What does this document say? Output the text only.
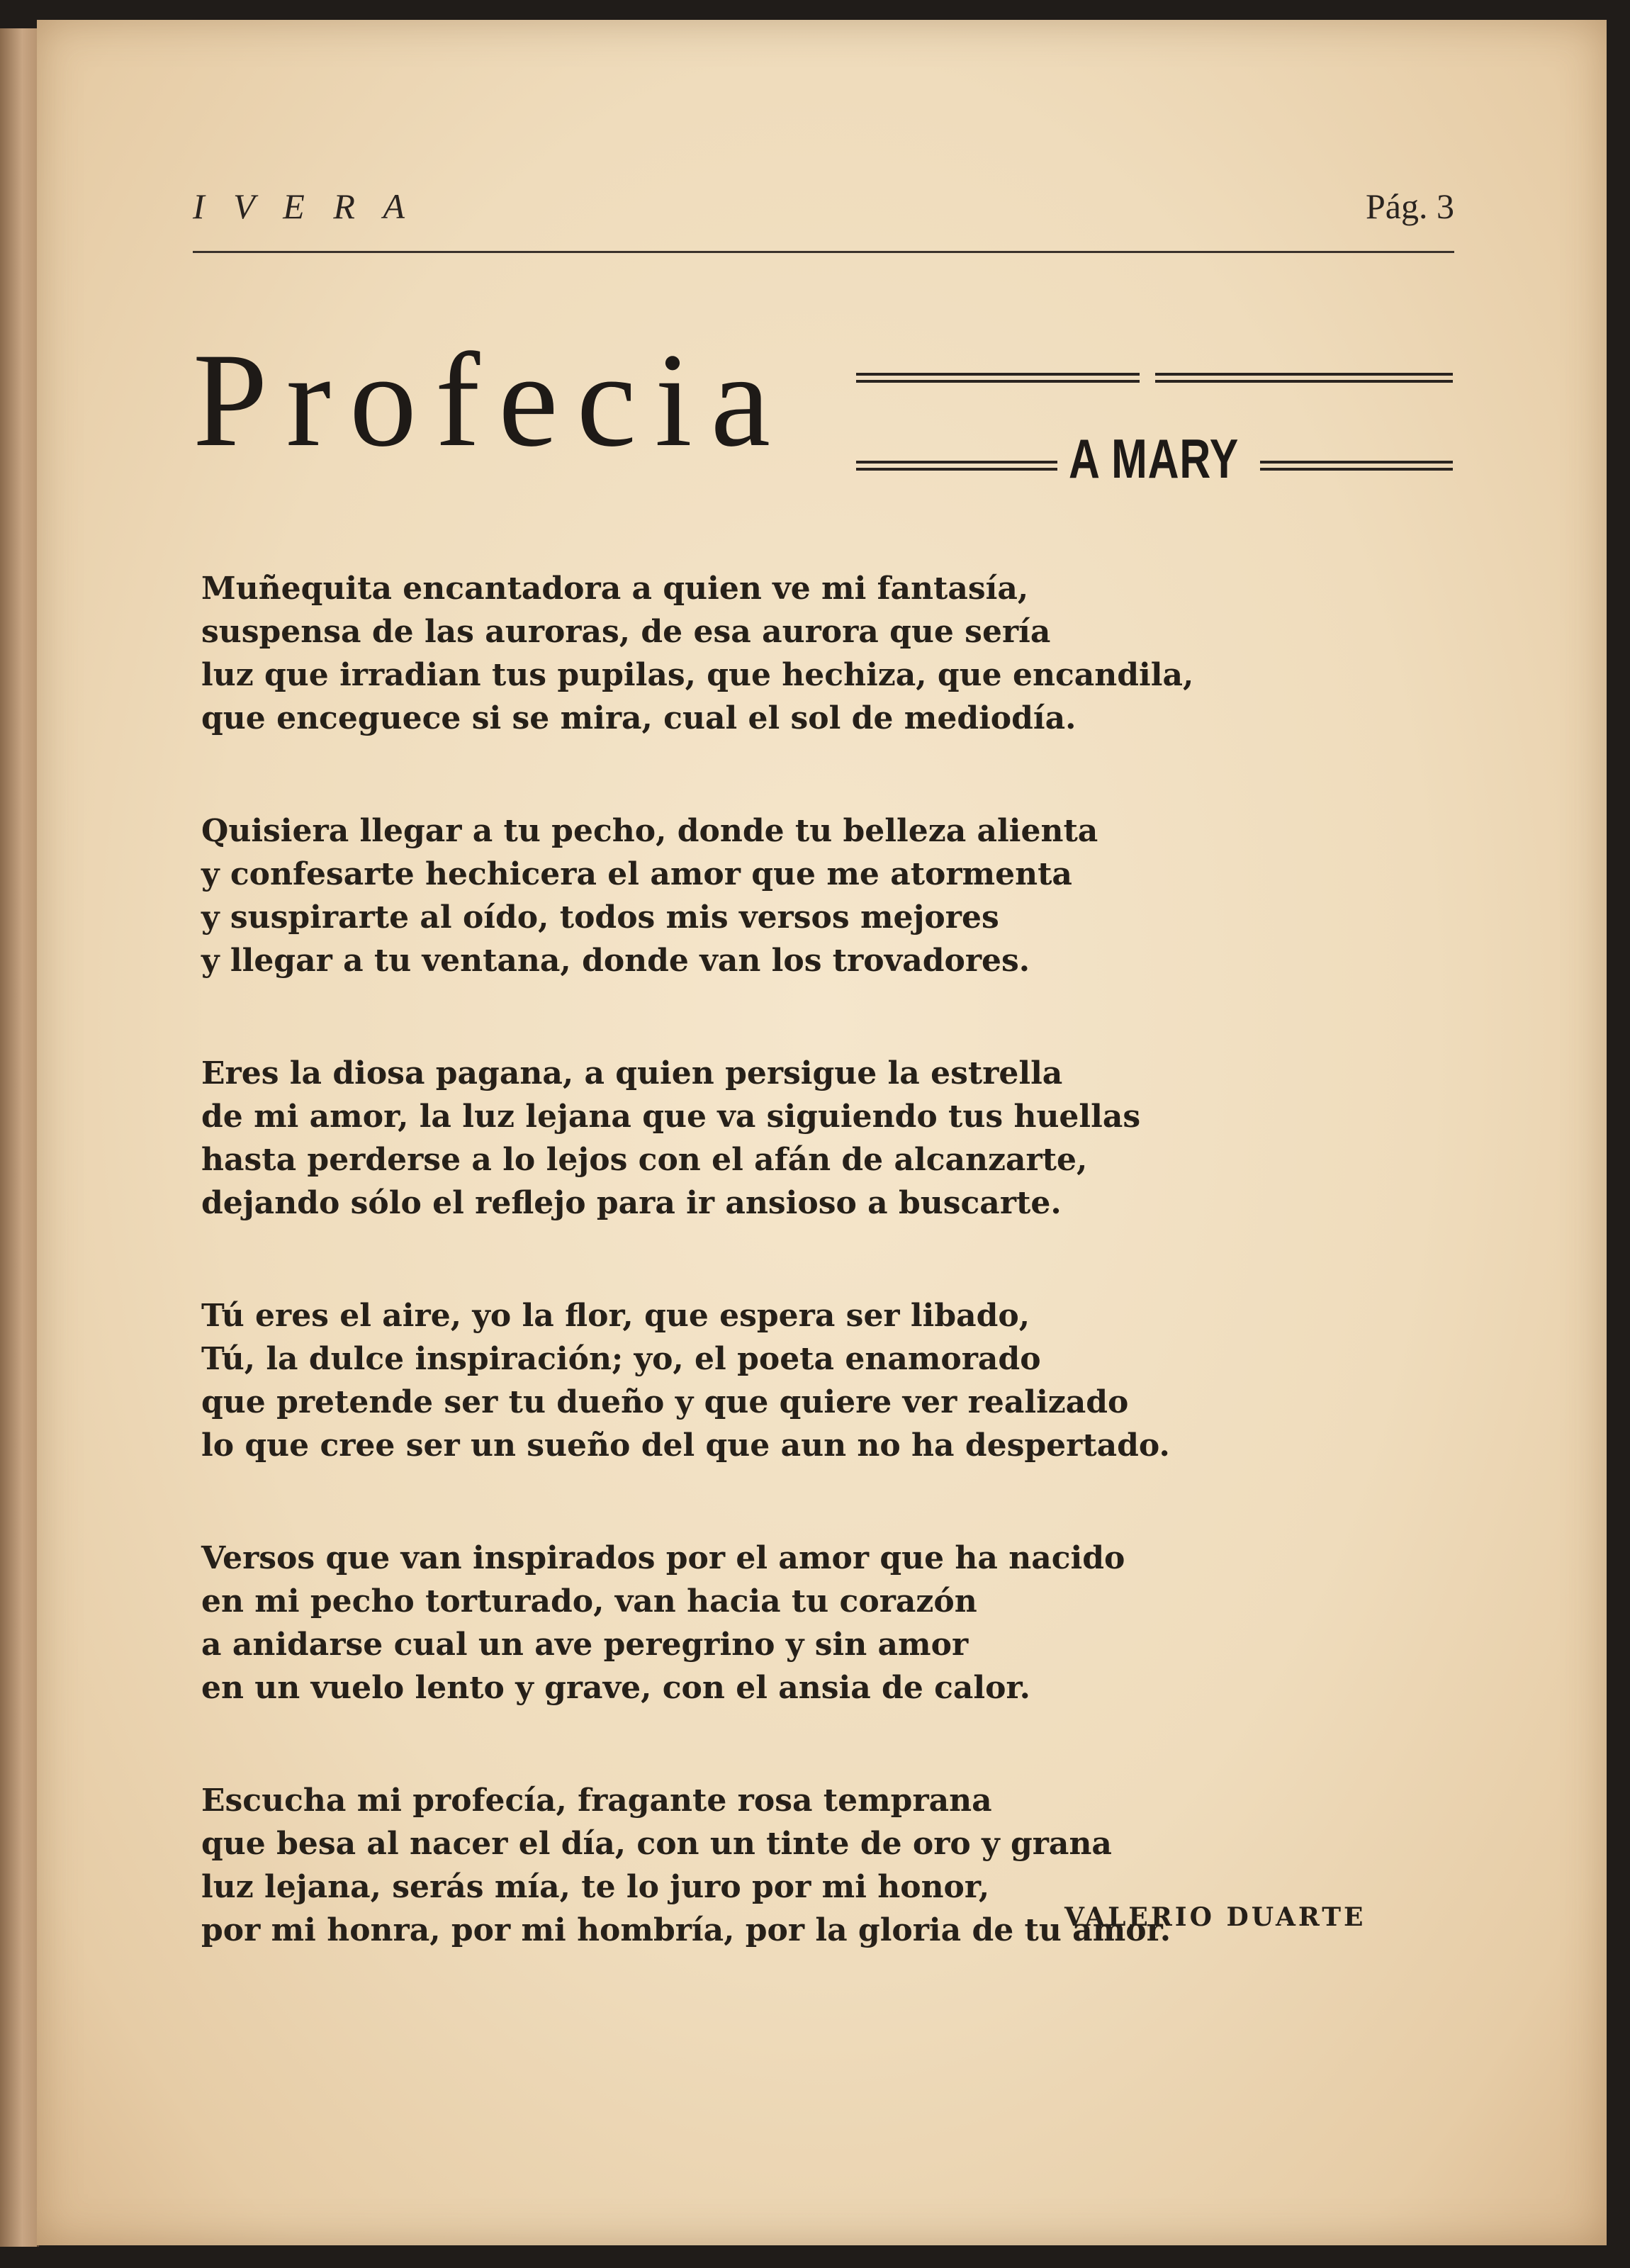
I V E R A	Pág. 3
Profecia	A MARY
Muñequita encantadora a quien ve mi fantasía,
suspensa de las auroras, de esa aurora que sería
luz que irradian tus pupilas, que hechiza, que encandila,
que enceguece si se mira, cual el sol de mediodía.
Quisiera llegar a tu pecho, donde tu belleza alienta
y confesarte hechicera el amor que me atormenta
y suspirarte al oído, todos mis versos mejores
y llegar a tu ventana, donde van los trovadores.
Eres la diosa pagana, a quien persigue la estrella
de mi amor, la luz lejana que va siguiendo tus huellas
hasta perderse a lo lejos con el afán de alcanzarte,
dejando sólo el reflejo para ir ansioso a buscarte.
Tú eres el aire, yo la flor, que espera ser libado,
Tú, la dulce inspiración; yo, el poeta enamorado
que pretende ser tu dueño y que quiere ver realizado
lo que cree ser un sueño del que aun no ha despertado.
Versos que van inspirados por el amor que ha nacido
en mi pecho torturado, van hacia tu corazón
a anidarse cual un ave peregrino y sin amor
en un vuelo lento y grave, con el ansia de calor.
Escucha mi profecía, fragante rosa temprana
que besa al nacer el día, con un tinte de oro y grana
luz lejana, serás mía, te lo juro por mi honor,
por mi honra, por mi hombría, por la gloria de tu amor.
VALERIO DUARTE
